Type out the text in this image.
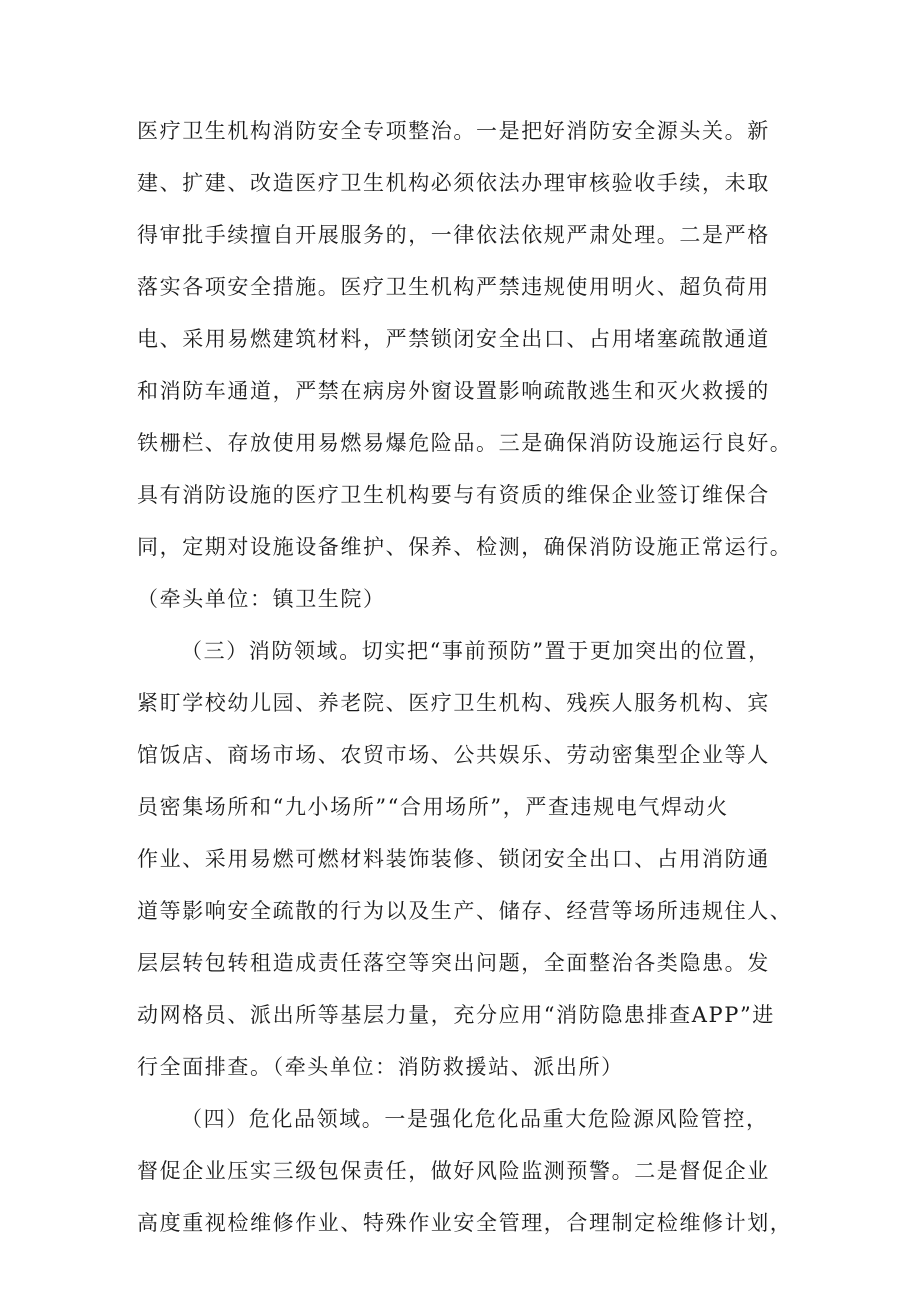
医疗卫生机构消防安全专项整治。一是把好消防安全源头关。新
建、扩建、改造医疗卫生机构必须依法办理审核验收手续，未取
得审批手续擅自开展服务的，一律依法依规严肃处理。二是严格
落实各项安全措施。医疗卫生机构严禁违规使用明火、超负荷用
电、采用易燃建筑材料，严禁锁闭安全出口、占用堵塞疏散通道
和消防车通道，严禁在病房外窗设置影响疏散逃生和灭火救援的
铁栅栏、存放使用易燃易爆危险品。三是确保消防设施运行良好。
具有消防设施的医疗卫生机构要与有资质的维保企业签订维保合
同，定期对设施设备维护、保养、检测，确保消防设施正常运行。
（牵头单位：镇卫生院）
（三）消防领域。切实把“事前预防”置于更加突出的位置，
紧盯学校幼儿园、养老院、医疗卫生机构、残疾人服务机构、宾
馆饭店、商场市场、农贸市场、公共娱乐、劳动密集型企业等人
员密集场所和“九小场所”“合用场所”，严查违规电气焊动火
作业、采用易燃可燃材料装饰装修、锁闭安全出口、占用消防通
道等影响安全疏散的行为以及生产、储存、经营等场所违规住人、
层层转包转租造成责任落空等突出问题，全面整治各类隐患。发
动网格员、派出所等基层力量，充分应用“消防隐患排查APP”进
行全面排查。（牵头单位：消防救援站、派出所）
（四）危化品领域。一是强化危化品重大危险源风险管控，
督促企业压实三级包保责任，做好风险监测预警。二是督促企业
高度重视检维修作业、特殊作业安全管理，合理制定检维修计划，
